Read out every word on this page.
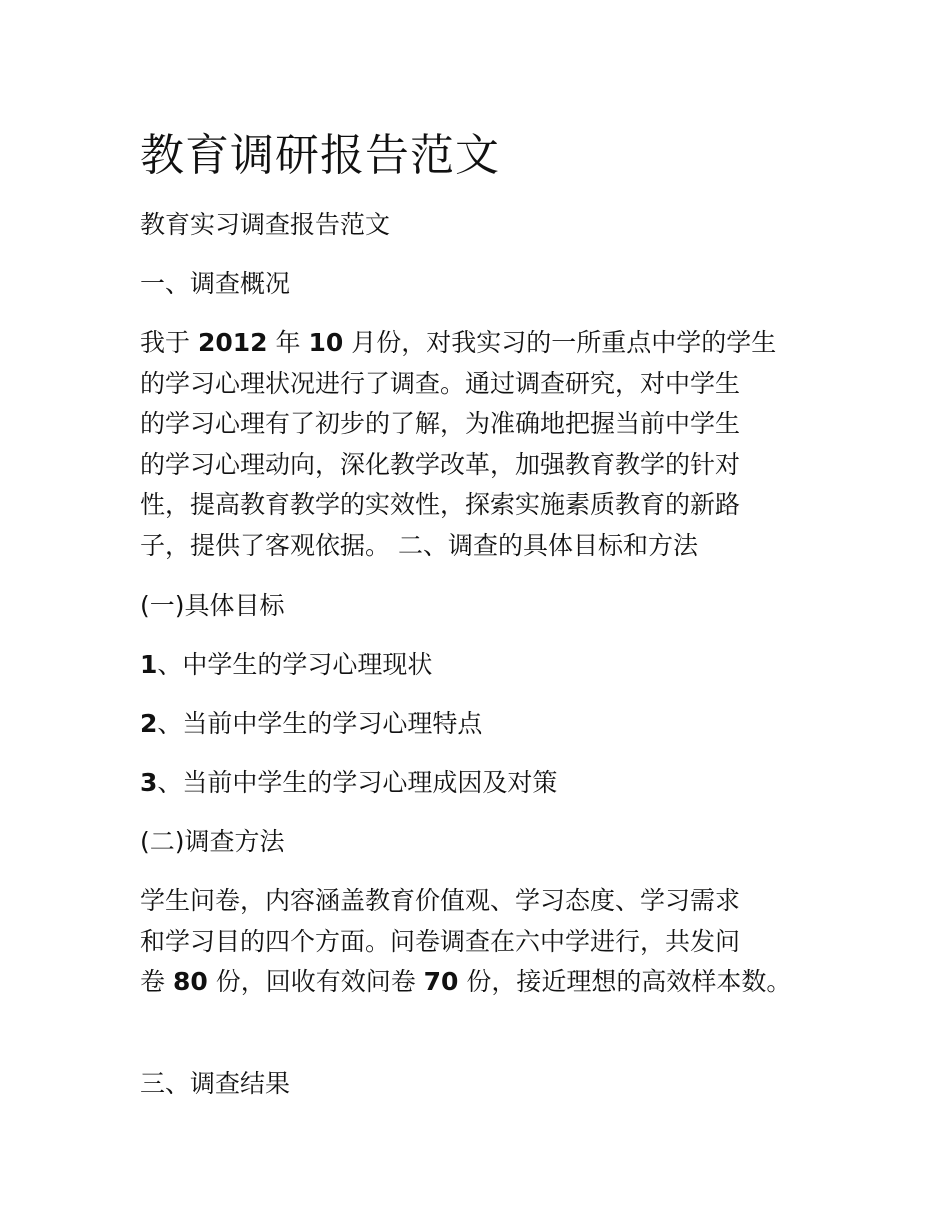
教育调研报告范文
教育实习调查报告范文
一、调查概况

我于 2012 年 10 月份，对我实习的一所重点中学的学生

的学习心理状况进行了调查。通过调查研究，对中学生

的学习心理有了初步的了解，为准确地把握当前中学生

的学习心理动向，深化教学改革，加强教育教学的针对

性，提高教育教学的实效性，探索实施素质教育的新路

子，提供了客观依据。 二、调查的具体目标和方法

(一)具体目标
1、中学生的学习心理现状
2、当前中学生的学习心理特点
3、当前中学生的学习心理成因及对策
(二)调查方法

学生问卷，内容涵盖教育价值观、学习态度、学习需求

和学习目的四个方面。问卷调查在六中学进行，共发问

卷 80 份，回收有效问卷 70 份，接近理想的高效样本数。

三、调查结果
